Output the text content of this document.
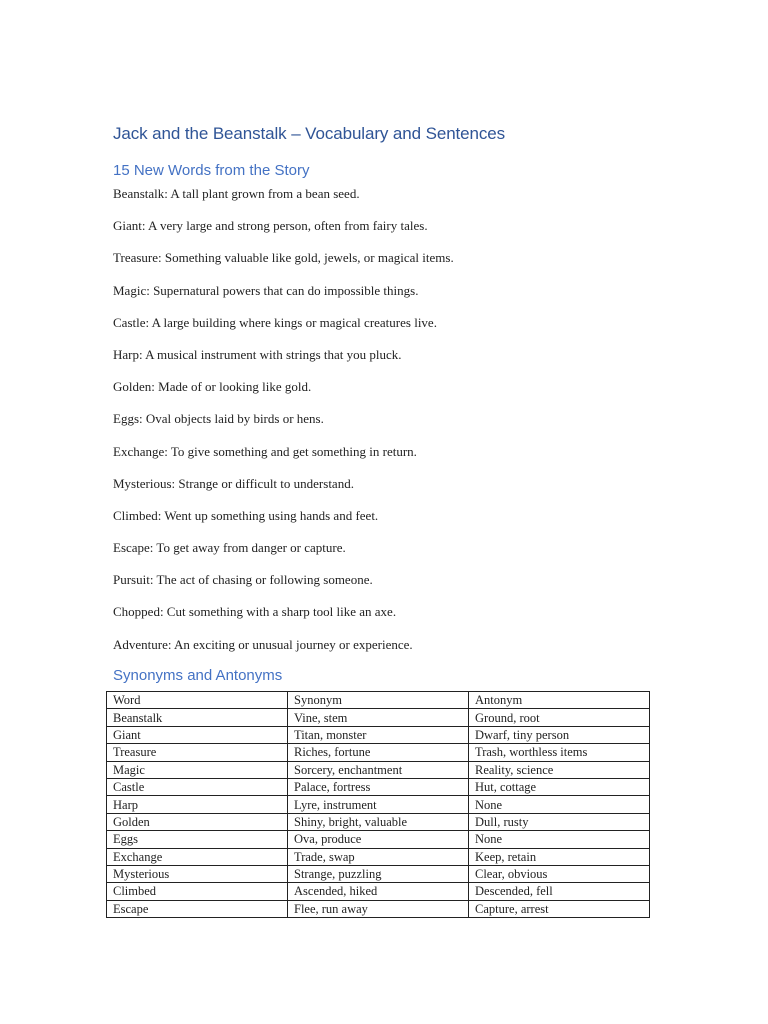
Jack and the Beanstalk – Vocabulary and Sentences
15 New Words from the Story
Beanstalk: A tall plant grown from a bean seed.
Giant: A very large and strong person, often from fairy tales.
Treasure: Something valuable like gold, jewels, or magical items.
Magic: Supernatural powers that can do impossible things.
Castle: A large building where kings or magical creatures live.
Harp: A musical instrument with strings that you pluck.
Golden: Made of or looking like gold.
Eggs: Oval objects laid by birds or hens.
Exchange: To give something and get something in return.
Mysterious: Strange or difficult to understand.
Climbed: Went up something using hands and feet.
Escape: To get away from danger or capture.
Pursuit: The act of chasing or following someone.
Chopped: Cut something with a sharp tool like an axe.
Adventure: An exciting or unusual journey or experience.
Synonyms and Antonyms
Word	Synonym	Antonym
Beanstalk	Vine, stem	Ground, root
Giant	Titan, monster	Dwarf, tiny person
Treasure	Riches, fortune	Trash, worthless items
Magic	Sorcery, enchantment	Reality, science
Castle	Palace, fortress	Hut, cottage
Harp	Lyre, instrument	None
Golden	Shiny, bright, valuable	Dull, rusty
Eggs	Ova, produce	None
Exchange	Trade, swap	Keep, retain
Mysterious	Strange, puzzling	Clear, obvious
Climbed	Ascended, hiked	Descended, fell
Escape	Flee, run away	Capture, arrest
